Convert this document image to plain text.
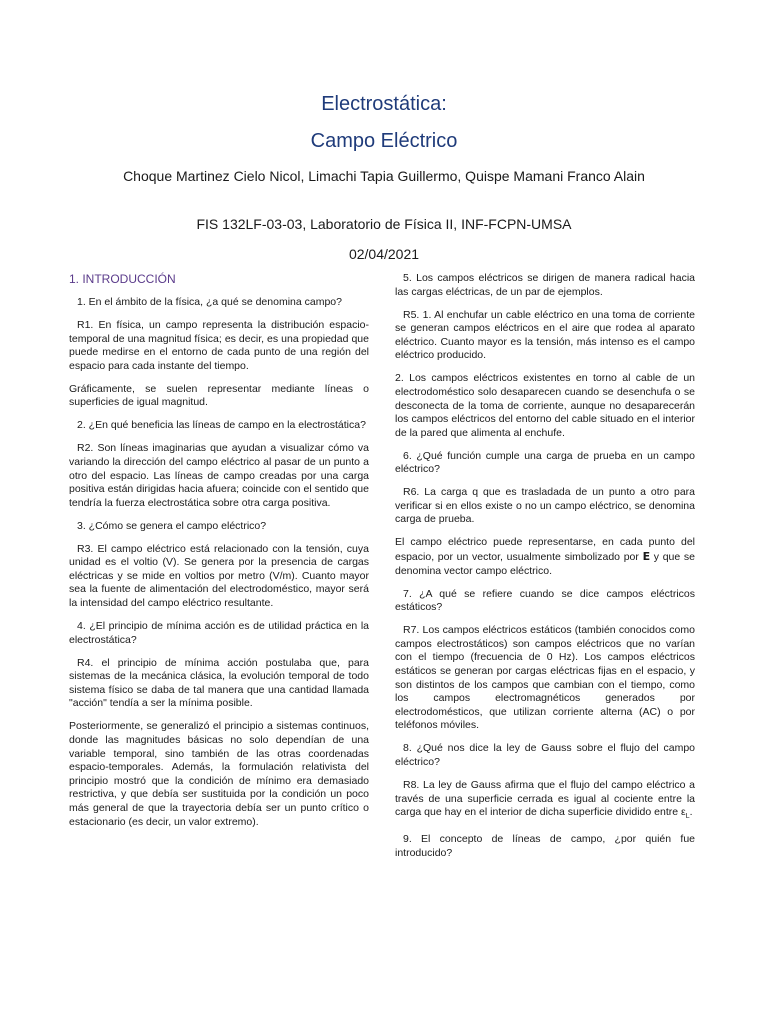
Electrostática:
Campo Eléctrico
Choque Martinez Cielo Nicol, Limachi Tapia Guillermo, Quispe Mamani Franco Alain
FIS 132LF-03-03, Laboratorio de Física II, INF-FCPN-UMSA
02/04/2021
1. INTRODUCCIÓN

1. En el ámbito de la física, ¿a qué se denomina campo?

R1. En física, un campo representa la distribución espacio-temporal de una magnitud física; es decir, es una propiedad que puede medirse en el entorno de cada punto de una región del espacio para cada instante del tiempo.

Gráficamente, se suelen representar mediante líneas o superficies de igual magnitud.

2. ¿En qué beneficia las líneas de campo en la electrostática?

R2. Son líneas imaginarias que ayudan a visualizar cómo va variando la dirección del campo eléctrico al pasar de un punto a otro del espacio. Las líneas de campo creadas por una carga positiva están dirigidas hacia afuera; coincide con el sentido que tendría la fuerza electrostática sobre otra carga positiva.

3. ¿Cómo se genera el campo eléctrico?

R3. El campo eléctrico está relacionado con la tensión, cuya unidad es el voltio (V). Se genera por la presencia de cargas eléctricas y se mide en voltios por metro (V/m). Cuanto mayor sea la fuente de alimentación del electrodoméstico, mayor será la intensidad del campo eléctrico resultante.

4. ¿El principio de mínima acción es de utilidad práctica en la electrostática?

R4. el principio de mínima acción postulaba que, para sistemas de la mecánica clásica, la evolución temporal de todo sistema físico se daba de tal manera que una cantidad llamada "acción" tendía a ser la mínima posible.

Posteriormente, se generalizó el principio a sistemas continuos, donde las magnitudes básicas no solo dependían de una variable temporal, sino también de las otras coordenadas espacio-temporales. Además, la formulación relativista del principio mostró que la condición de mínimo era demasiado restrictiva, y que debía ser sustituida por la condición un poco más general de que la trayectoria debía ser un punto crítico o estacionario (es decir, un valor extremo).

5. Los campos eléctricos se dirigen de manera radical hacia las cargas eléctricas, de un par de ejemplos.

R5. 1. Al enchufar un cable eléctrico en una toma de corriente se generan campos eléctricos en el aire que rodea al aparato eléctrico. Cuanto mayor es la tensión, más intenso es el campo eléctrico producido.

2. Los campos eléctricos existentes en torno al cable de un electrodoméstico solo desaparecen cuando se desenchufa o se desconecta de la toma de corriente, aunque no desaparecerán los campos eléctricos del entorno del cable situado en el interior de la pared que alimenta al enchufe.

6. ¿Qué función cumple una carga de prueba en un campo eléctrico?

R6. La carga q que es trasladada de un punto a otro para verificar si en ellos existe o no un campo eléctrico, se denomina carga de prueba.

El campo eléctrico puede representarse, en cada punto del espacio, por un vector, usualmente simbolizado por E y que se denomina vector campo eléctrico.

7. ¿A qué se refiere cuando se dice campos eléctricos estáticos?

R7. Los campos eléctricos estáticos (también conocidos como campos electrostáticos) son campos eléctricos que no varían con el tiempo (frecuencia de 0 Hz). Los campos eléctricos estáticos se generan por cargas eléctricas fijas en el espacio, y son distintos de los campos que cambian con el tiempo, como los campos electromagnéticos generados por electrodomésticos, que utilizan corriente alterna (AC) o por teléfonos móviles.

8. ¿Qué nos dice la ley de Gauss sobre el flujo del campo eléctrico?

R8. La ley de Gauss afirma que el flujo del campo eléctrico a través de una superficie cerrada es igual al cociente entre la carga que hay en el interior de dicha superficie dividido entre $\varepsilon_L$.

9. El concepto de líneas de campo, ¿por quién fue introducido?
